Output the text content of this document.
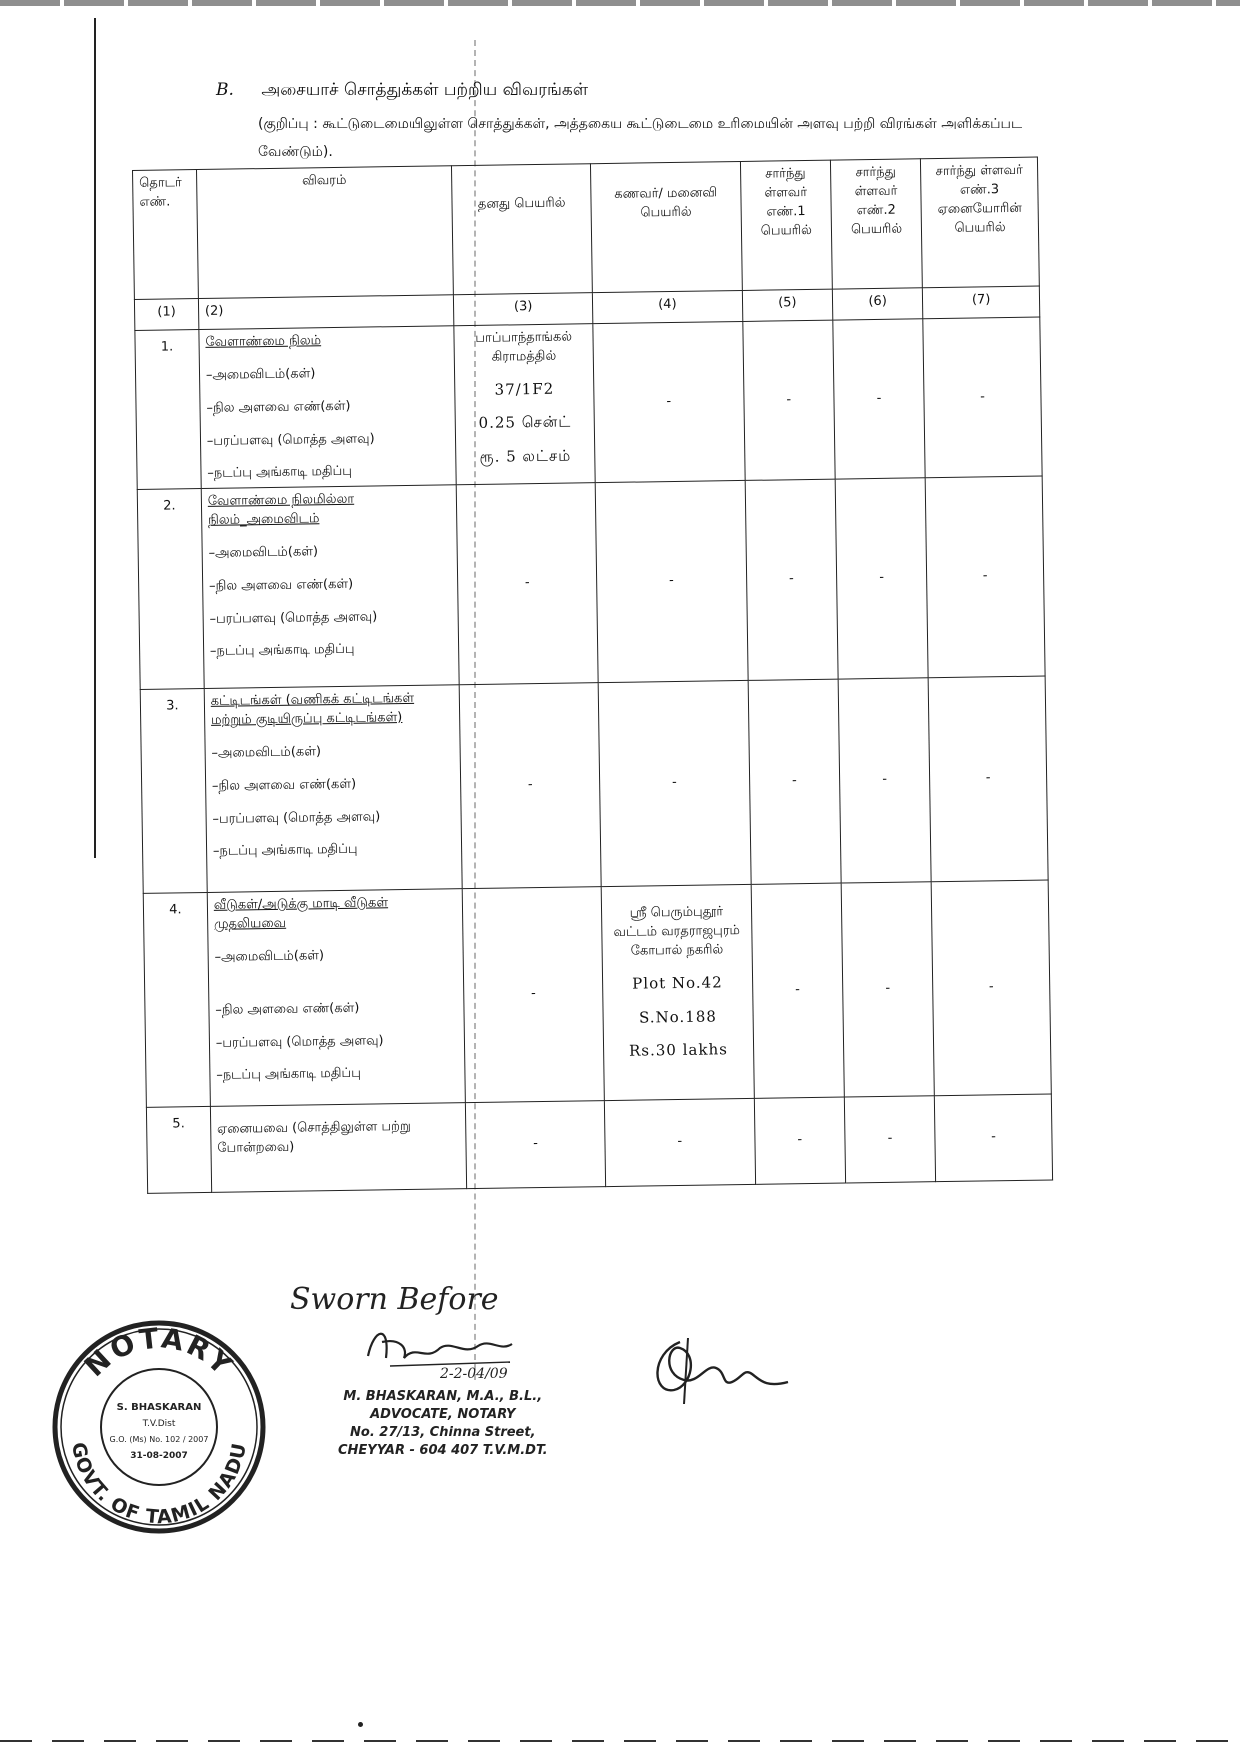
B. அசையாச் சொத்துக்கள் பற்றிய விவரங்கள்
(குறிப்பு : கூட்டுடைமையிலுள்ள சொத்துக்கள், அத்தகைய கூட்டுடைமை உரிமையின் அளவு பற்றி விரங்கள் அளிக்கப்பட வேண்டும்).
தொடர் எண்.	விவரம்	தனது பெயரில்	கணவர்/ மனைவி பெயரில்	சார்ந்து ள்ளவர் எண்.1 பெயரில்	சார்ந்து ள்ளவர் எண்.2 பெயரில்	சார்ந்து ள்ளவர் எண்.3 ஏனையோரின் பெயரில்
(1)	(2)	(3)	(4)	(5)	(6)	(7)
1.	வேளாண்மை நிலம்
–அமைவிடம்(கள்)
–நில அளவை எண்(கள்)
–பரப்பளவு (மொத்த அளவு)
–நடப்பு அங்காடி மதிப்பு	பாப்பாந்தாங்கல் கிராமத்தில்
37/1F2
0.25 சென்ட்
ரூ. 5 லட்சம்	-	-	-	-
2.	வேளாண்மை நிலமில்லா நிலம்_அமைவிடம்
–அமைவிடம்(கள்)
–நில அளவை எண்(கள்)
–பரப்பளவு (மொத்த அளவு)
–நடப்பு அங்காடி மதிப்பு	-	-	-	-	-
3.	கட்டிடங்கள் (வணிகக் கட்டிடங்கள் மற்றும் குடியிருப்பு கட்டிடங்கள்)
–அமைவிடம்(கள்)
–நில அளவை எண்(கள்)
–பரப்பளவு (மொத்த அளவு)
–நடப்பு அங்காடி மதிப்பு	-	-	-	-	-
4.	வீடுகள்/அடுக்கு மாடி வீடுகள் முதலியவை
–அமைவிடம்(கள்)
–நில அளவை எண்(கள்)
–பரப்பளவு (மொத்த அளவு)
–நடப்பு அங்காடி மதிப்பு	-	ஸ்ரீ பெரும்புதூர் வட்டம் வரதராஜபுரம் கோபால் நகரில்
Plot No.42
S.No.188
Rs.30 lakhs	-	-	-
5.	ஏனையவை (சொத்திலுள்ள பற்று போன்றவை)	-	-	-	-	-
Sworn Before
2-2-04/09
M. BHASKARAN, M.A., B.L.,
ADVOCATE, NOTARY
No. 27/13, Chinna Street,
CHEYYAR - 604 407 T.V.M.DT.
NOTARY
GOVT. OF TAMIL NADU
S. BHASKARAN
T.V.Dist
G.O. (Ms) No. 102 / 2007
31-08-2007
